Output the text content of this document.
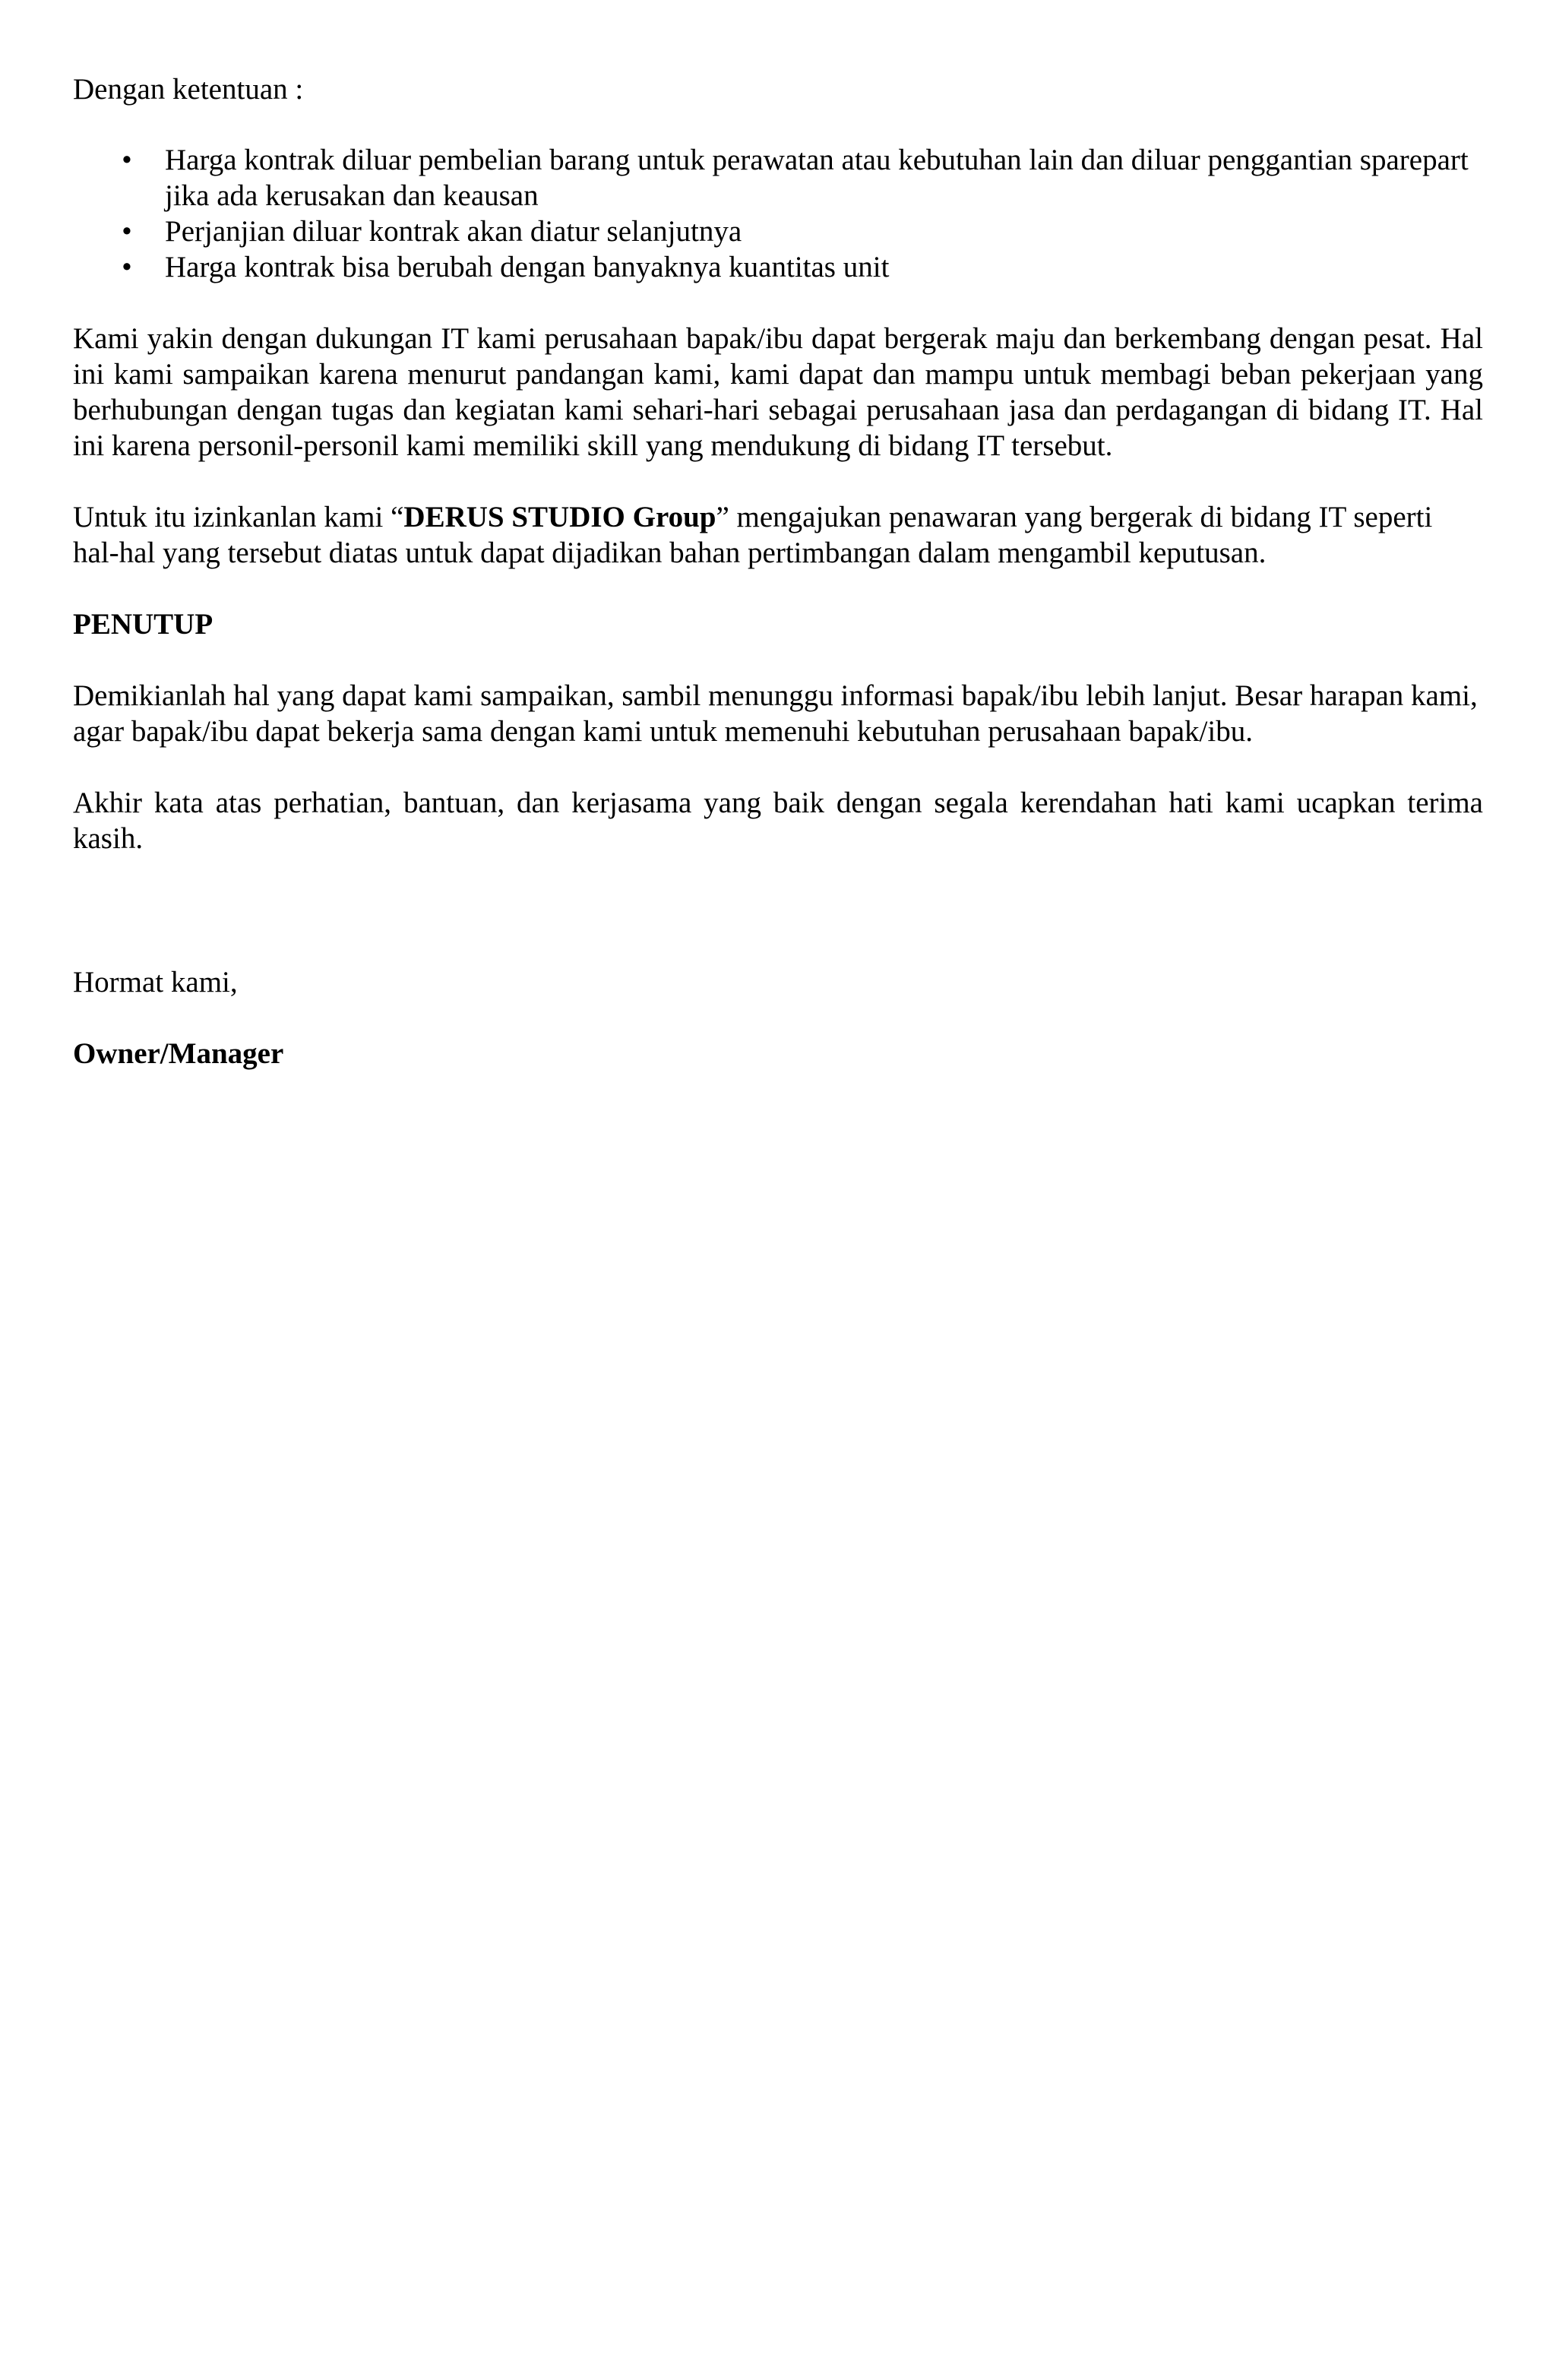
Dengan ketentuan :

• Harga kontrak diluar pembelian barang untuk perawatan atau kebutuhan lain dan diluar penggantian sparepart jika ada kerusakan dan keausan
• Perjanjian diluar kontrak akan diatur selanjutnya
• Harga kontrak bisa berubah dengan banyaknya kuantitas unit

Kami yakin dengan dukungan IT kami perusahaan bapak/ibu dapat bergerak maju dan berkembang dengan pesat. Hal ini kami sampaikan karena menurut pandangan kami, kami dapat dan mampu untuk membagi beban pekerjaan yang berhubungan dengan tugas dan kegiatan kami sehari-hari sebagai perusahaan jasa dan perdagangan di bidang IT. Hal ini karena personil-personil kami memiliki skill yang mendukung di bidang IT tersebut.

Untuk itu izinkanlan kami “DERUS STUDIO Group” mengajukan penawaran yang bergerak di bidang IT seperti hal-hal yang tersebut diatas untuk dapat dijadikan bahan pertimbangan dalam mengambil keputusan.

PENUTUP

Demikianlah hal yang dapat kami sampaikan, sambil menunggu informasi bapak/ibu lebih lanjut. Besar harapan kami, agar bapak/ibu dapat bekerja sama dengan kami untuk memenuhi kebutuhan perusahaan bapak/ibu.

Akhir kata atas perhatian, bantuan, dan kerjasama yang baik dengan segala kerendahan hati kami ucapkan terima kasih.

Hormat kami,

Owner/Manager
